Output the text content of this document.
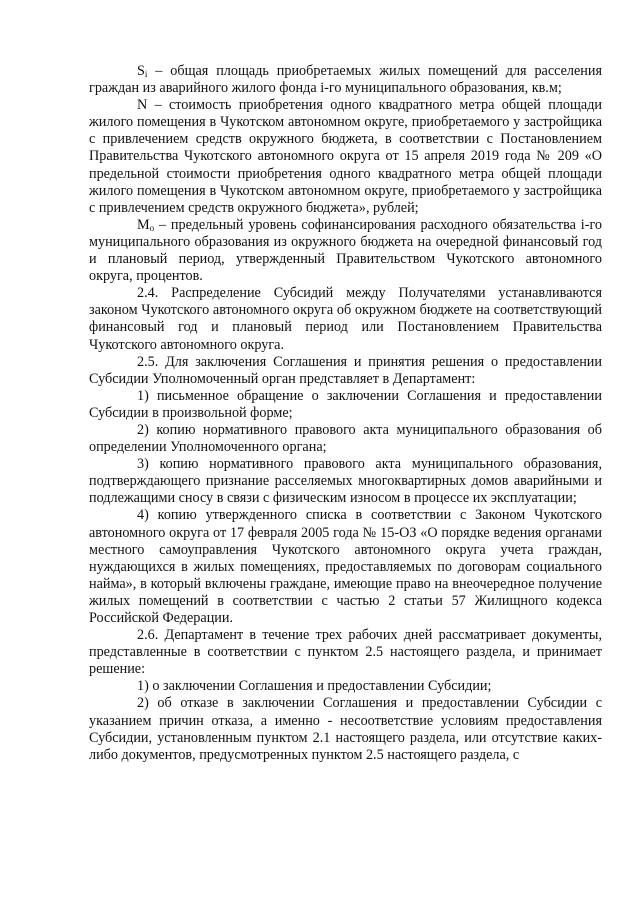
$S_i$ – общая площадь приобретаемых жилых помещений для расселения граждан из аварийного жилого фонда i-го муниципального образования, кв.м;

N – стоимость приобретения одного квадратного метра общей площади жилого помещения в Чукотском автономном округе, приобретаемого у застройщика с привлечением средств окружного бюджета, в соответствии с Постановлением Правительства Чукотского автономного округа от 15 апреля 2019 года № 209 «О предельной стоимости приобретения одного квадратного метра общей площади жилого помещения в Чукотском автономном округе, приобретаемого у застройщика с привлечением средств окружного бюджета», рублей;

$M_o$ – предельный уровень софинансирования расходного обязательства i-го муниципального образования из окружного бюджета на очередной финансовый год и плановый период, утвержденный Правительством Чукотского автономного округа, процентов.

2.4. Распределение Субсидий между Получателями устанавливаются законом Чукотского автономного округа об окружном бюджете на соответствующий финансовый год и плановый период или Постановлением Правительства Чукотского автономного округа.

2.5. Для заключения Соглашения и принятия решения о предоставлении Субсидии Уполномоченный орган представляет в Департамент:

1) письменное обращение о заключении Соглашения и предоставлении Субсидии в произвольной форме;

2) копию нормативного правового акта муниципального образования об определении Уполномоченного органа;

3) копию нормативного правового акта муниципального образования, подтверждающего признание расселяемых многоквартирных домов аварийными и подлежащими сносу в связи с физическим износом в процессе их эксплуатации;

4) копию утвержденного списка в соответствии с Законом Чукотского автономного округа от 17 февраля 2005 года № 15-ОЗ «О порядке ведения органами местного самоуправления Чукотского автономного округа учета граждан, нуждающихся в жилых помещениях, предоставляемых по договорам социального найма», в который включены граждане, имеющие право на внеочередное получение жилых помещений в соответствии с частью 2 статьи 57 Жилищного кодекса Российской Федерации.

2.6. Департамент в течение трех рабочих дней рассматривает документы, представленные в соответствии с пунктом 2.5 настоящего раздела, и принимает решение:

1) о заключении Соглашения и предоставлении Субсидии;

2) об отказе в заключении Соглашения и предоставлении Субсидии с указанием причин отказа, а именно - несоответствие условиям предоставления Субсидии, установленным пунктом 2.1 настоящего раздела, или отсутствие каких-либо документов, предусмотренных пунктом 2.5 настоящего раздела, с
